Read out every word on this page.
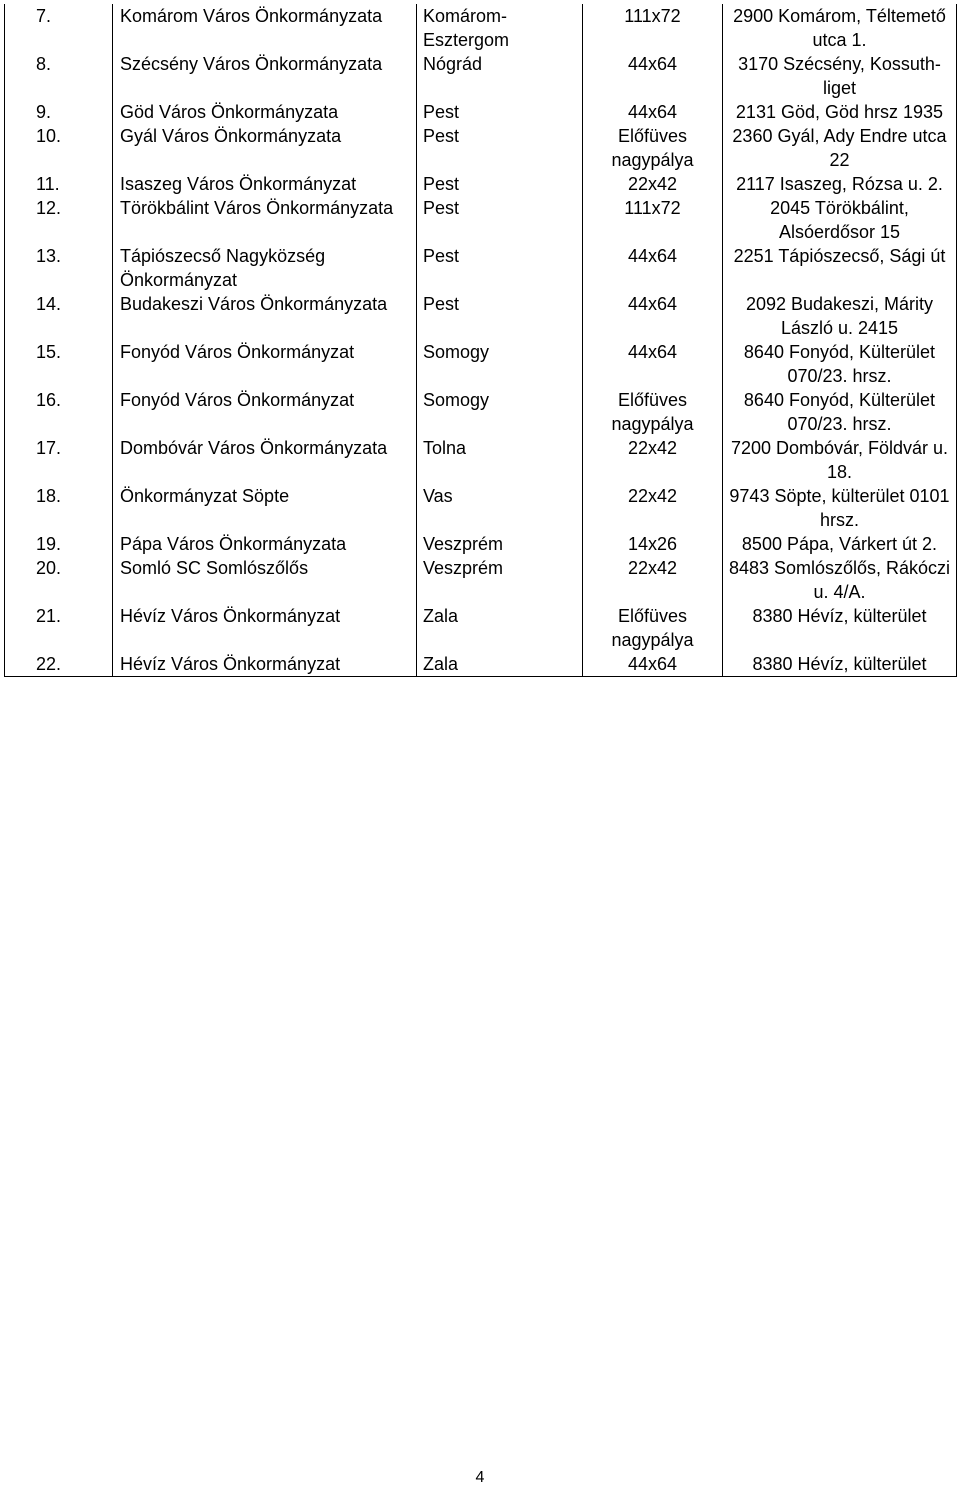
7.	Komárom Város Önkormányzata	Komárom-Esztergom	111x72	2900 Komárom, Téltemető utca 1.
8.	Szécsény Város Önkormányzata	Nógrád	44x64	3170 Szécsény, Kossuth-liget
9.	Göd Város Önkormányzata	Pest	44x64	2131 Göd, Göd hrsz 1935
10.	Gyál Város Önkormányzata	Pest	Előfüves nagypálya	2360 Gyál, Ady Endre utca 22
11.	Isaszeg Város Önkormányzat	Pest	22x42	2117 Isaszeg, Rózsa u. 2.
12.	Törökbálint Város Önkormányzata	Pest	111x72	2045 Törökbálint, Alsóerdősor 15
13.	Tápiószecső Nagyközség Önkormányzat	Pest	44x64	2251 Tápiószecső, Sági út
14.	Budakeszi Város Önkormányzata	Pest	44x64	2092 Budakeszi, Márity László u. 2415
15.	Fonyód Város Önkormányzat	Somogy	44x64	8640 Fonyód, Külterület 070/23. hrsz.
16.	Fonyód Város Önkormányzat	Somogy	Előfüves nagypálya	8640 Fonyód, Külterület 070/23. hrsz.
17.	Dombóvár Város Önkormányzata	Tolna	22x42	7200 Dombóvár, Földvár u. 18.
18.	Önkormányzat Söpte	Vas	22x42	9743 Söpte, külterület 0101 hrsz.
19.	Pápa Város Önkormányzata	Veszprém	14x26	8500 Pápa, Várkert út 2.
20.	Somló SC Somlószőlős	Veszprém	22x42	8483 Somlószőlős, Rákóczi u. 4/A.
21.	Hévíz Város Önkormányzat	Zala	Előfüves nagypálya	8380 Hévíz, külterület
22.	Hévíz Város Önkormányzat	Zala	44x64	8380 Hévíz, külterület
4
